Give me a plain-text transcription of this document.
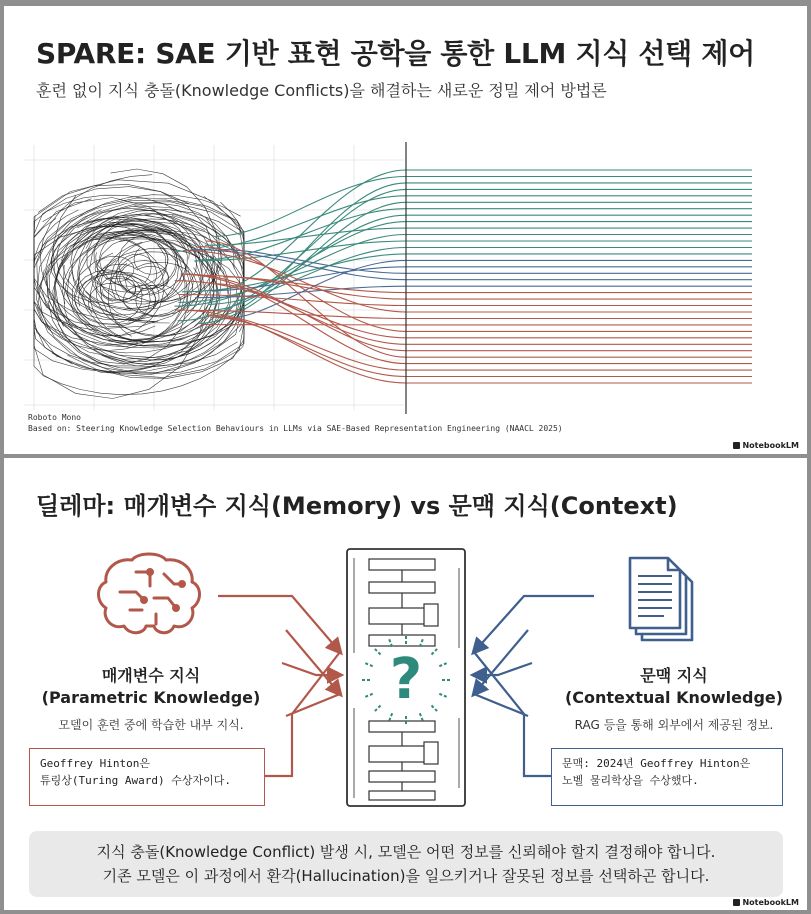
SPARE: SAE 기반 표현 공학을 통한 LLM 지식 선택 제어
훈련 없이 지식 충돌(Knowledge Conflicts)을 해결하는 새로운 정밀 제어 방법론
Roboto Mono
Based on: Steering Knowledge Selection Behaviours in LLMs via SAE-Based Representation Engineering (NAACL 2025)
NotebookLM
딜레마: 매개변수 지식(Memory) vs 문맥 지식(Context)
?
매개변수 지식
(Parametric Knowledge)
모델이 훈련 중에 학습한 내부 지식.
Geoffrey Hinton은
튜링상(Turing Award) 수상자이다.
문맥 지식
(Contextual Knowledge)
RAG 등을 통해 외부에서 제공된 정보.
문맥: 2024년 Geoffrey Hinton은
노벨 물리학상을 수상했다.
지식 충돌(Knowledge Conflict) 발생 시, 모델은 어떤 정보를 신뢰해야 할지 결정해야 합니다.
기존 모델은 이 과정에서 환각(Hallucination)을 일으키거나 잘못된 정보를 선택하곤 합니다.
NotebookLM
